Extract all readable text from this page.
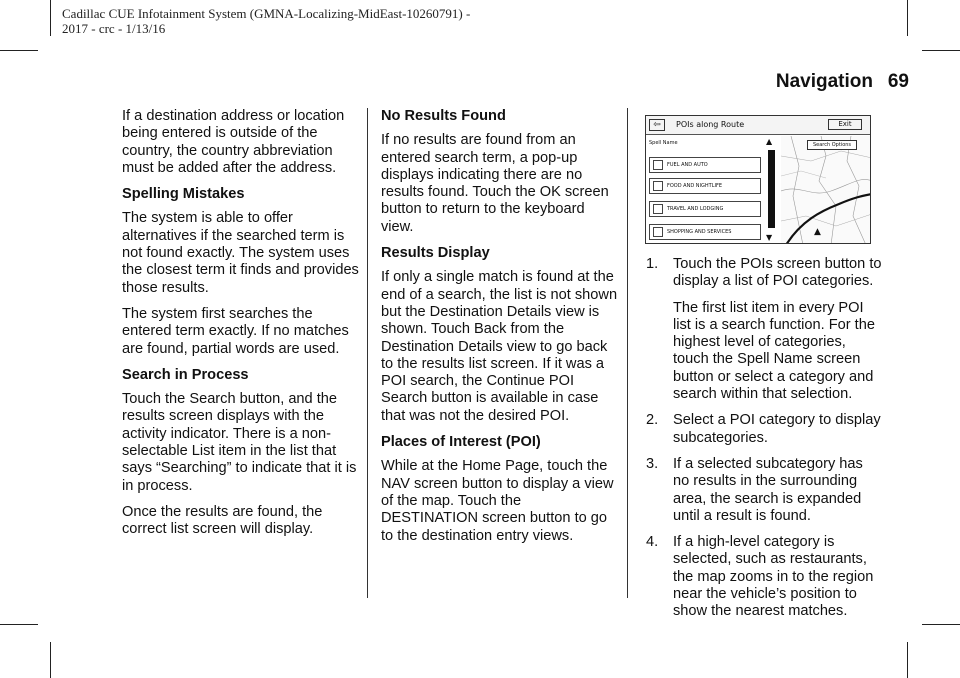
Cadillac CUE Infotainment System (GMNA-Localizing-MidEast-10260791) -
2017 - crc - 1/13/16
Navigation 69

If a destination address or location being entered is outside of the country, the country abbreviation must be added after the address.

Spelling Mistakes

The system is able to offer alternatives if the searched term is not found exactly. The system uses the closest term it finds and provides those results.

The system first searches the entered term exactly. If no matches are found, partial words are used.

Search in Process

Touch the Search button, and the results screen displays with the activity indicator. There is a non-selectable List item in the list that says “Searching” to indicate that it is in process.

Once the results are found, the correct list screen will display.

No Results Found

If no results are found from an entered search term, a pop-up displays indicating there are no results found. Touch the OK screen button to return to the keyboard view.

Results Display

If only a single match is found at the end of a search, the list is not shown but the Destination Details view is shown. Touch Back from the Destination Details view to go back to the results list screen. If it was a POI search, the Continue POI Search button is available in case that was not the desired POI.

Places of Interest (POI)

While at the Home Page, touch the NAV screen button to display a view of the map. Touch the DESTINATION screen button to go to the destination entry views.

⇦	POIs along Route	Exit
Spell Name	Search Options
FUEL AND AUTO
FOOD AND NIGHTLIFE
TRAVEL AND LODGING
SHOPPING AND SERVICES
▲
▼
▲
1.	Touch the POIs screen button to display a list of POI categories.

The first list item in every POI list is a search function. For the highest level of categories, touch the Spell Name screen button or select a category and search within that selection.

2.	Select a POI category to display subcategories.

3.	If a selected subcategory has no results in the surrounding area, the search is expanded until a result is found.

4.	If a high-level category is selected, such as restaurants, the map zooms in to the region near the vehicle’s position to show the nearest matches.
